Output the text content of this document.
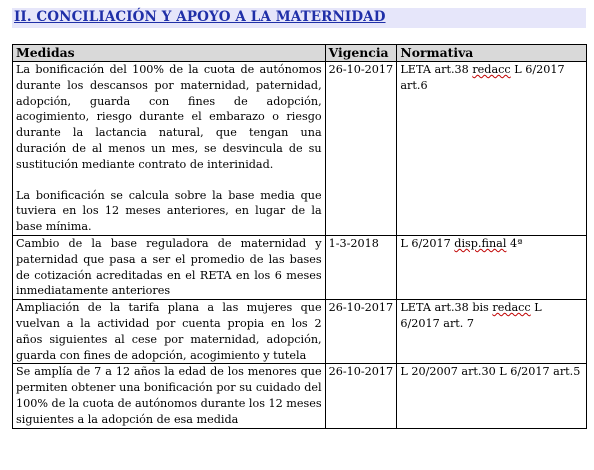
II. CONCILIACIÓN Y APOYO A LA MATERNIDAD
Medidas	Vigencia	Normativa

La bonificación del 100% de la cuota de autónomos durante los descansos por maternidad, paternidad, adopción, guarda con fines de adopción, acogimiento, riesgo durante el embarazo o riesgo durante la lactancia natural, que tengan una duración de al menos un mes, se desvincula de su sustitución mediante contrato de interinidad.

La bonificación se calcula sobre la base media que tuviera en los 12 meses anteriores, en lugar de la base mínima.	26-10-2017	LETA art.38 redacc L 6/2017 art.6

Cambio de la base reguladora de maternidad y paternidad que pasa a ser el promedio de las bases de cotización acreditadas en el RETA en los 6 meses inmediatamente anteriores	1-3-2018	L 6/2017 disp.final 4ª

Ampliación de la tarifa plana a las mujeres que vuelvan a la actividad por cuenta propia en los 2 años siguientes al cese por maternidad, adopción, guarda con fines de adopción, acogimiento y tutela	26-10-2017	LETA art.38 bis redacc L 6/2017 art. 7

Se amplía de 7 a 12 años la edad de los menores que permiten obtener una bonificación por su cuidado del 100% de la cuota de autónomos durante los 12 meses siguientes a la adopción de esa medida	26-10-2017	L 20/2007 art.30 L 6/2017 art.5
